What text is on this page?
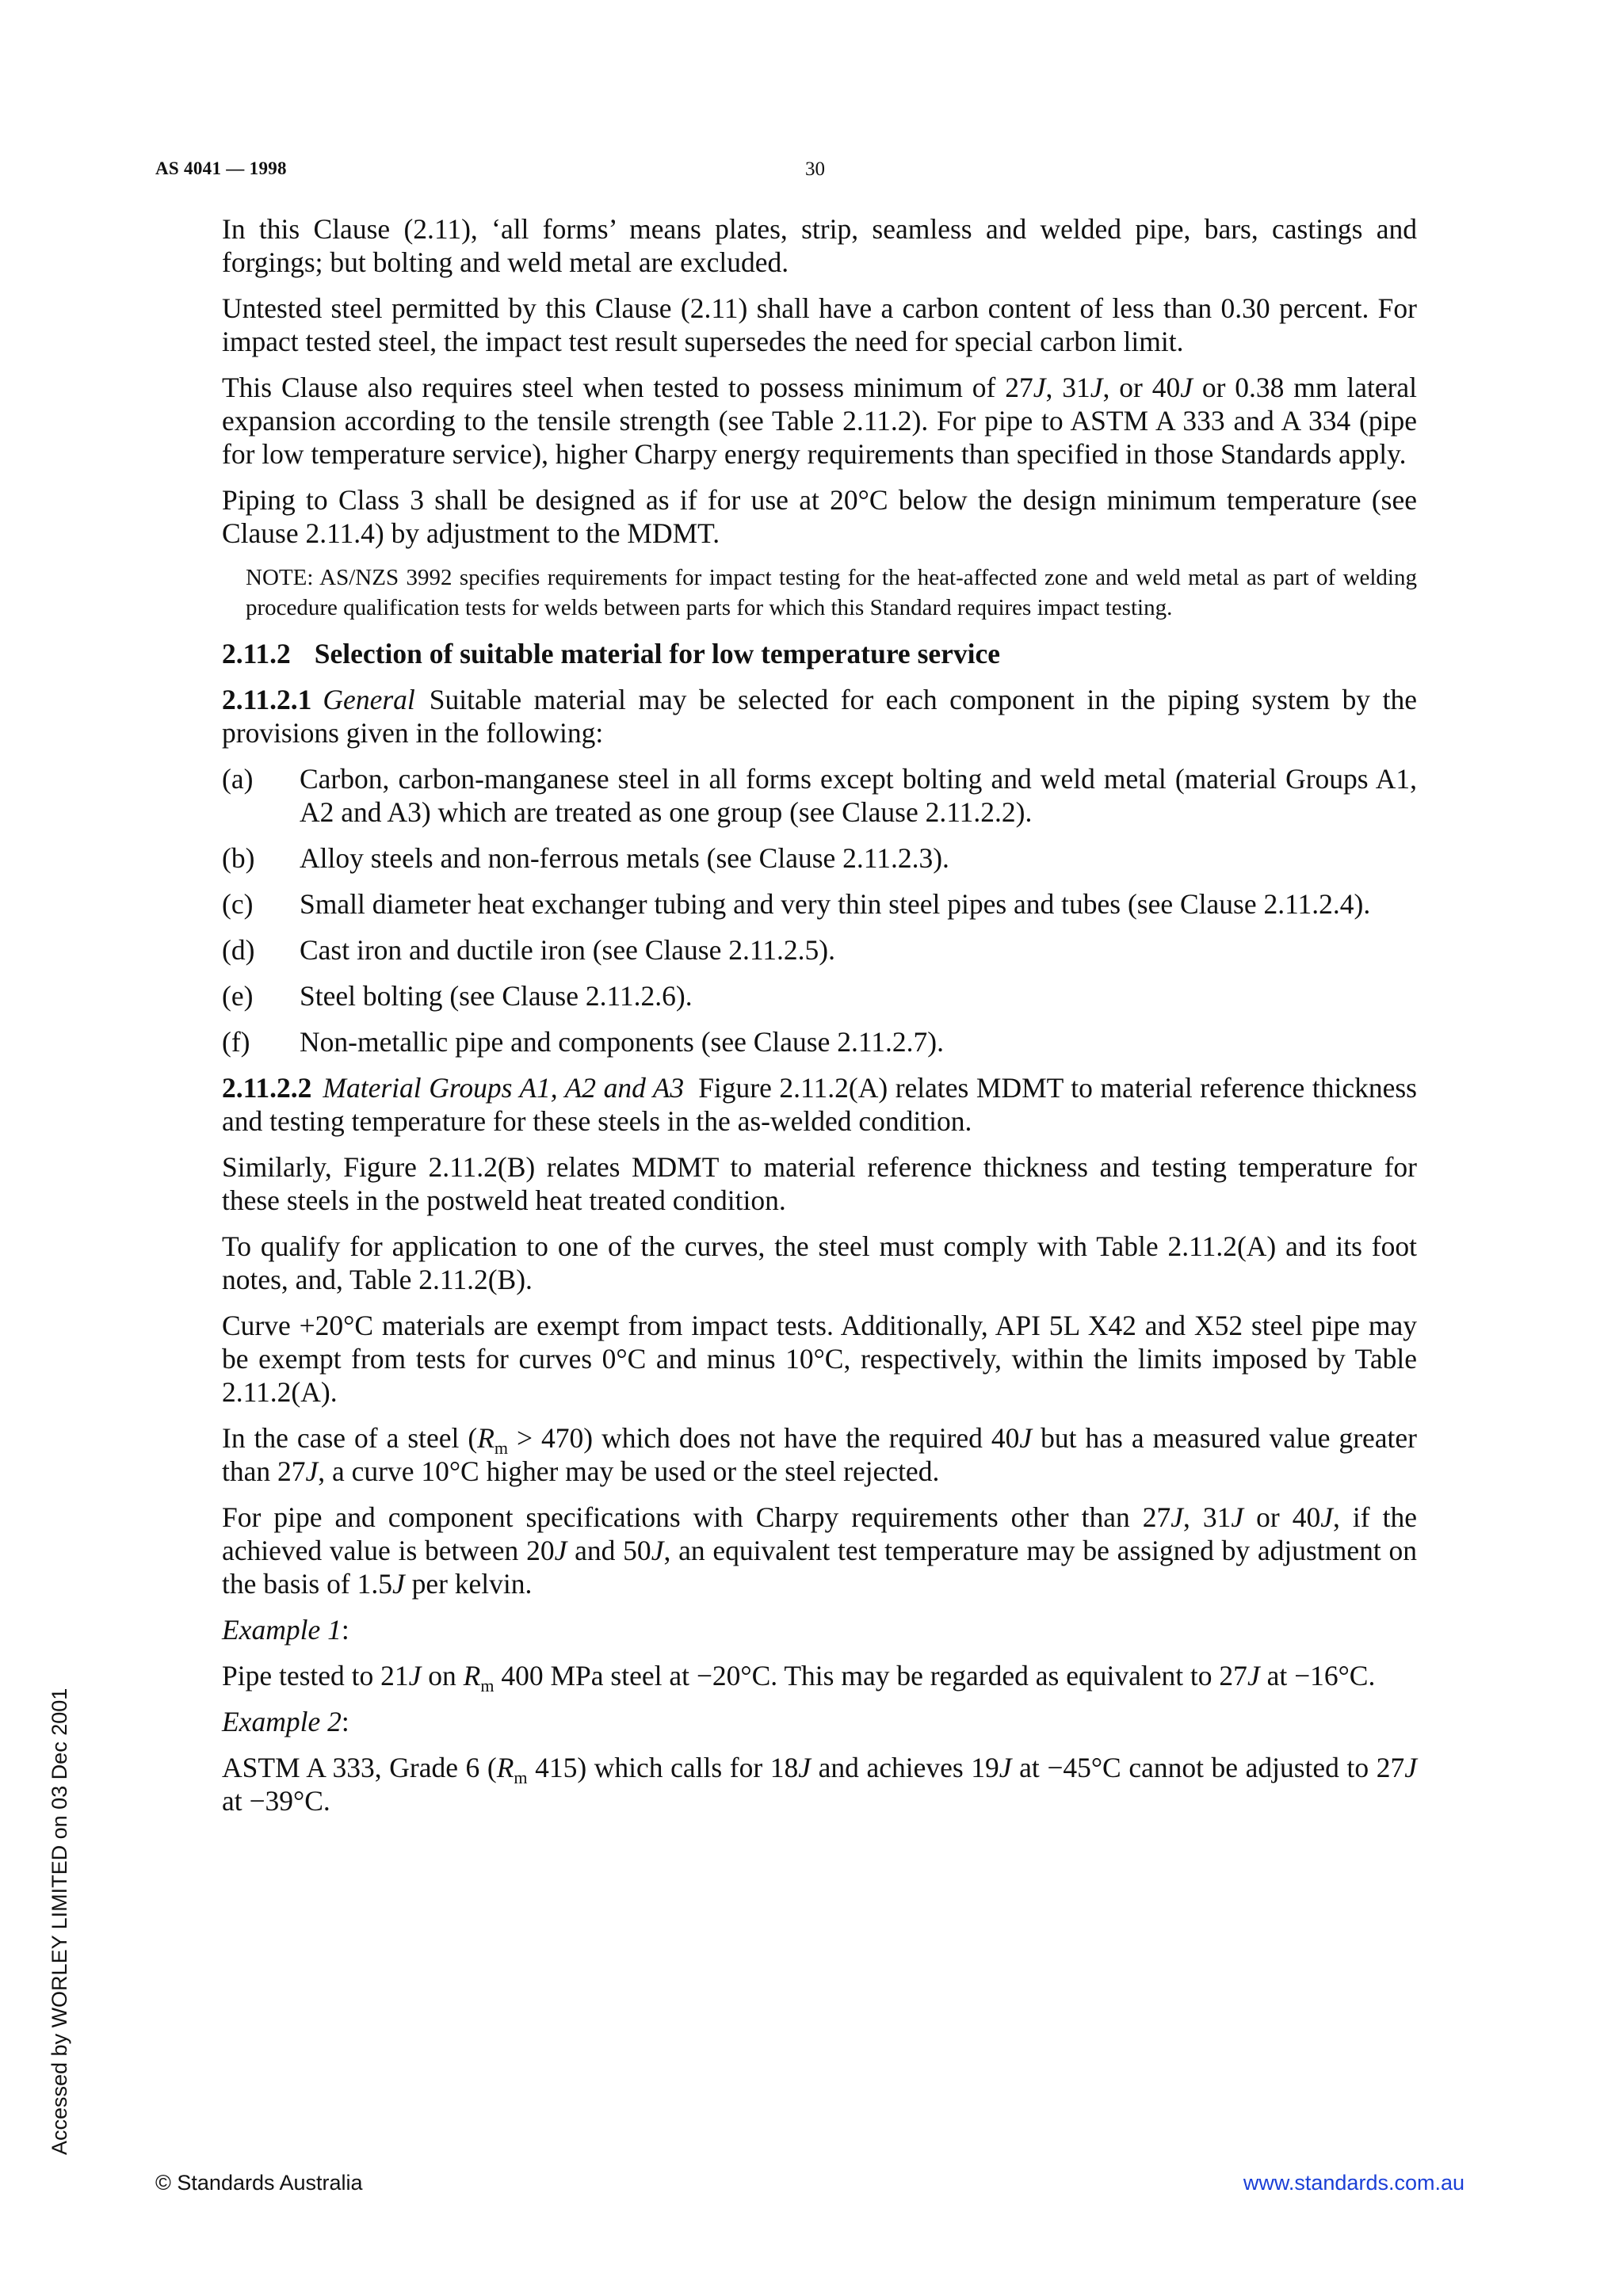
AS 4041 — 1998	30

In this Clause (2.11), ‘all forms’ means plates, strip, seamless and welded pipe, bars, castings and forgings; but bolting and weld metal are excluded.

Untested steel permitted by this Clause (2.11) shall have a carbon content of less than 0.30 percent. For impact tested steel, the impact test result supersedes the need for special carbon limit.

This Clause also requires steel when tested to possess minimum of 27J, 31J, or 40J or 0.38 mm lateral expansion according to the tensile strength (see Table 2.11.2). For pipe to ASTM A 333 and A 334 (pipe for low temperature service), higher Charpy energy requirements than specified in those Standards apply.

Piping to Class 3 shall be designed as if for use at 20°C below the design minimum temperature (see Clause 2.11.4) by adjustment to the MDMT.

NOTE: AS/NZS 3992 specifies requirements for impact testing for the heat-affected zone and weld metal as part of welding procedure qualification tests for welds between parts for which this Standard requires impact testing.

2.11.2 Selection of suitable material for low temperature service

2.11.2.1 General Suitable material may be selected for each component in the piping system by the provisions given in the following:

(a)	Carbon, carbon-manganese steel in all forms except bolting and weld metal (material Groups A1, A2 and A3) which are treated as one group (see Clause 2.11.2.2).
(b)	Alloy steels and non-ferrous metals (see Clause 2.11.2.3).
(c)	Small diameter heat exchanger tubing and very thin steel pipes and tubes (see Clause 2.11.2.4).
(d)	Cast iron and ductile iron (see Clause 2.11.2.5).
(e)	Steel bolting (see Clause 2.11.2.6).
(f)	Non-metallic pipe and components (see Clause 2.11.2.7).

2.11.2.2 Material Groups A1, A2 and A3 Figure 2.11.2(A) relates MDMT to material reference thickness and testing temperature for these steels in the as-welded condition.

Similarly, Figure 2.11.2(B) relates MDMT to material reference thickness and testing temperature for these steels in the postweld heat treated condition.

To qualify for application to one of the curves, the steel must comply with Table 2.11.2(A) and its foot notes, and, Table 2.11.2(B).

Curve +20°C materials are exempt from impact tests. Additionally, API 5L X42 and X52 steel pipe may be exempt from tests for curves 0°C and minus 10°C, respectively, within the limits imposed by Table 2.11.2(A).

In the case of a steel $(R_m > 470)$ which does not have the required 40J but has a measured value greater than 27J, a curve 10°C higher may be used or the steel rejected.

For pipe and component specifications with Charpy requirements other than 27J, 31J or 40J, if the achieved value is between 20J and 50J, an equivalent test temperature may be assigned by adjustment on the basis of 1.5J per kelvin.

Example 1:

Pipe tested to 21J on $R_m$ 400 MPa steel at −20°C. This may be regarded as equivalent to 27J at −16°C.

Example 2:

ASTM A 333, Grade 6 ($R_m$ 415) which calls for 18J and achieves 19J at −45°C cannot be adjusted to 27J at −39°C.

Accessed by WORLEY LIMITED on 03 Dec 2001
© Standards Australia	www.standards.com.au
